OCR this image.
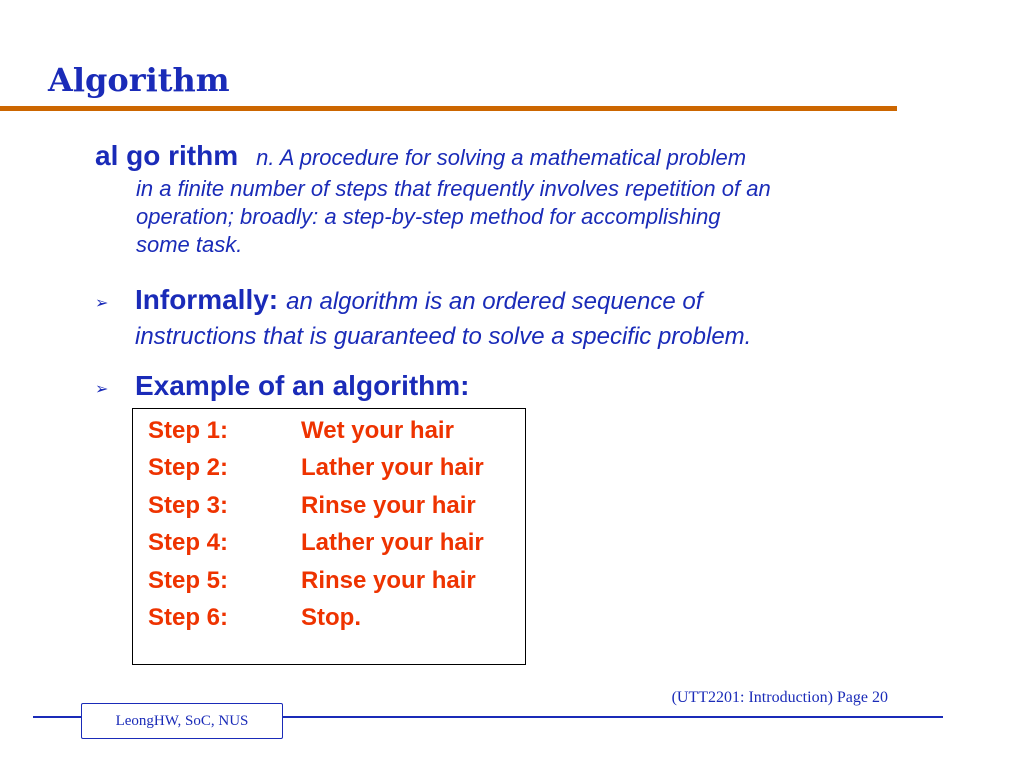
Algorithm
al go rithm n. A procedure for solving a mathematical problem
in a finite number of steps that frequently involves repetition of an
operation; broadly: a step-by-step method for accomplishing
some task.
➢ Informally: an algorithm is an ordered sequence of
instructions that is guaranteed to solve a specific problem.
➢ Example of an algorithm:
Step 1:	Wet your hair
Step 2:	Lather your hair
Step 3:	Rinse your hair
Step 4:	Lather your hair
Step 5:	Rinse your hair
Step 6:	Stop.
(UTT2201: Introduction) Page 20
LeongHW, SoC, NUS
